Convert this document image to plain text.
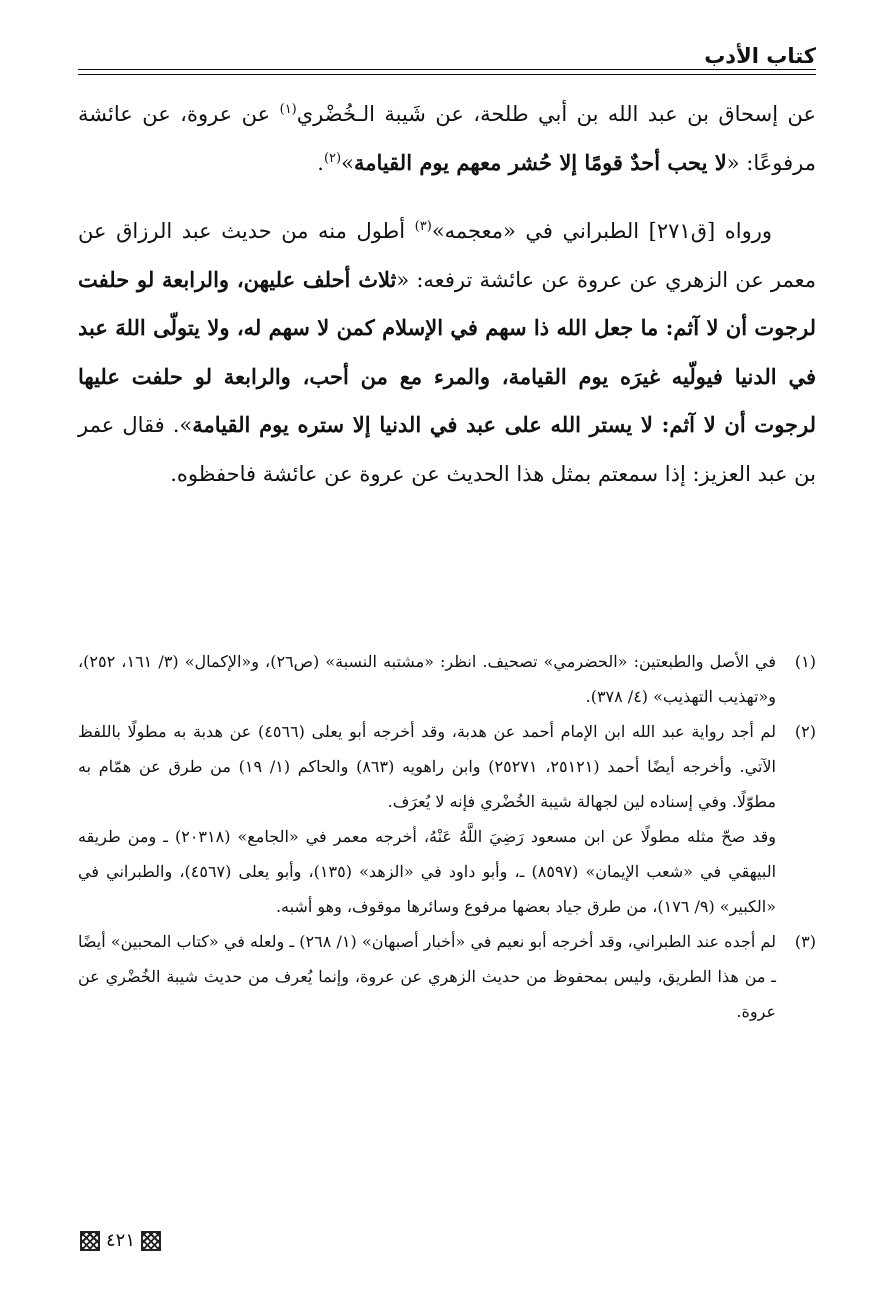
كتاب الأدب

عن إسحاق بن عبد الله بن أبي طلحة، عن شَيبة الـخُضْري$^{(١)}$ عن عروة، عن عائشة مرفوعًا: «لا يحب أحدٌ قومًا إلا حُشر معهم يوم القيامة»$^{(٢)}$.

ورواه [ق٢٧١] الطبراني في «معجمه»$^{(٣)}$ أطول منه من حديث عبد الرزاق عن معمر عن الزهري عن عروة عن عائشة ترفعه: «ثلاث أحلف عليهن، والرابعة لو حلفت لرجوت أن لا آثم: ما جعل الله ذا سهم في الإسلام كمن لا سهم له، ولا يتولّى اللهَ عبد في الدنيا فيولّيه غيرَه يوم القيامة، والمرء مع من أحب، والرابعة لو حلفت عليها لرجوت أن لا آثم: لا يستر الله على عبد في الدنيا إلا ستره يوم القيامة». فقال عمر بن عبد العزيز: إذا سمعتم بمثل هذا الحديث عن عروة عن عائشة فاحفظوه.

(١)
في الأصل والطبعتين: «الحضرمي» تصحيف. انظر: «مشتبه النسبة» (ص٢٦)، و«الإكمال» (٣/ ١٦١، ٢٥٢)، و«تهذيب التهذيب» (٤/ ٣٧٨).
(٢)
لم أجد رواية عبد الله ابن الإمام أحمد عن هدبة، وقد أخرجه أبو يعلى (٤٥٦٦) عن هدبة به مطولًا باللفظ الآتي. وأخرجه أيضًا أحمد (٢٥١٢١، ٢٥٢٧١) وابن راهويه (٨٦٣) والحاكم (١/ ١٩) من طرق عن همّام به مطوّلًا. وفي إسناده لين لجهالة شيبة الخُضْري فإنه لا يُعرَف.
وقد صحّ مثله مطولًا عن ابن مسعود رَضِيَ اللَّهُ عَنْهُ، أخرجه معمر في «الجامع» (٢٠٣١٨) ـ ومن طريقه البيهقي في «شعب الإيمان» (٨٥٩٧) ـ، وأبو داود في «الزهد» (١٣٥)، وأبو يعلى (٤٥٦٧)، والطبراني في «الكبير» (٩/ ١٧٦)، من طرق جياد بعضها مرفوع وسائرها موقوف، وهو أشبه.
(٣)
لم أجده عند الطبراني، وقد أخرجه أبو نعيم في «أخبار أصبهان» (١/ ٢٦٨) ـ ولعله في «كتاب المحبين» أيضًا ـ من هذا الطريق، وليس بمحفوظ من حديث الزهري عن عروة، وإنما يُعرف من حديث شيبة الخُضْري عن عروة.
٤٢١
